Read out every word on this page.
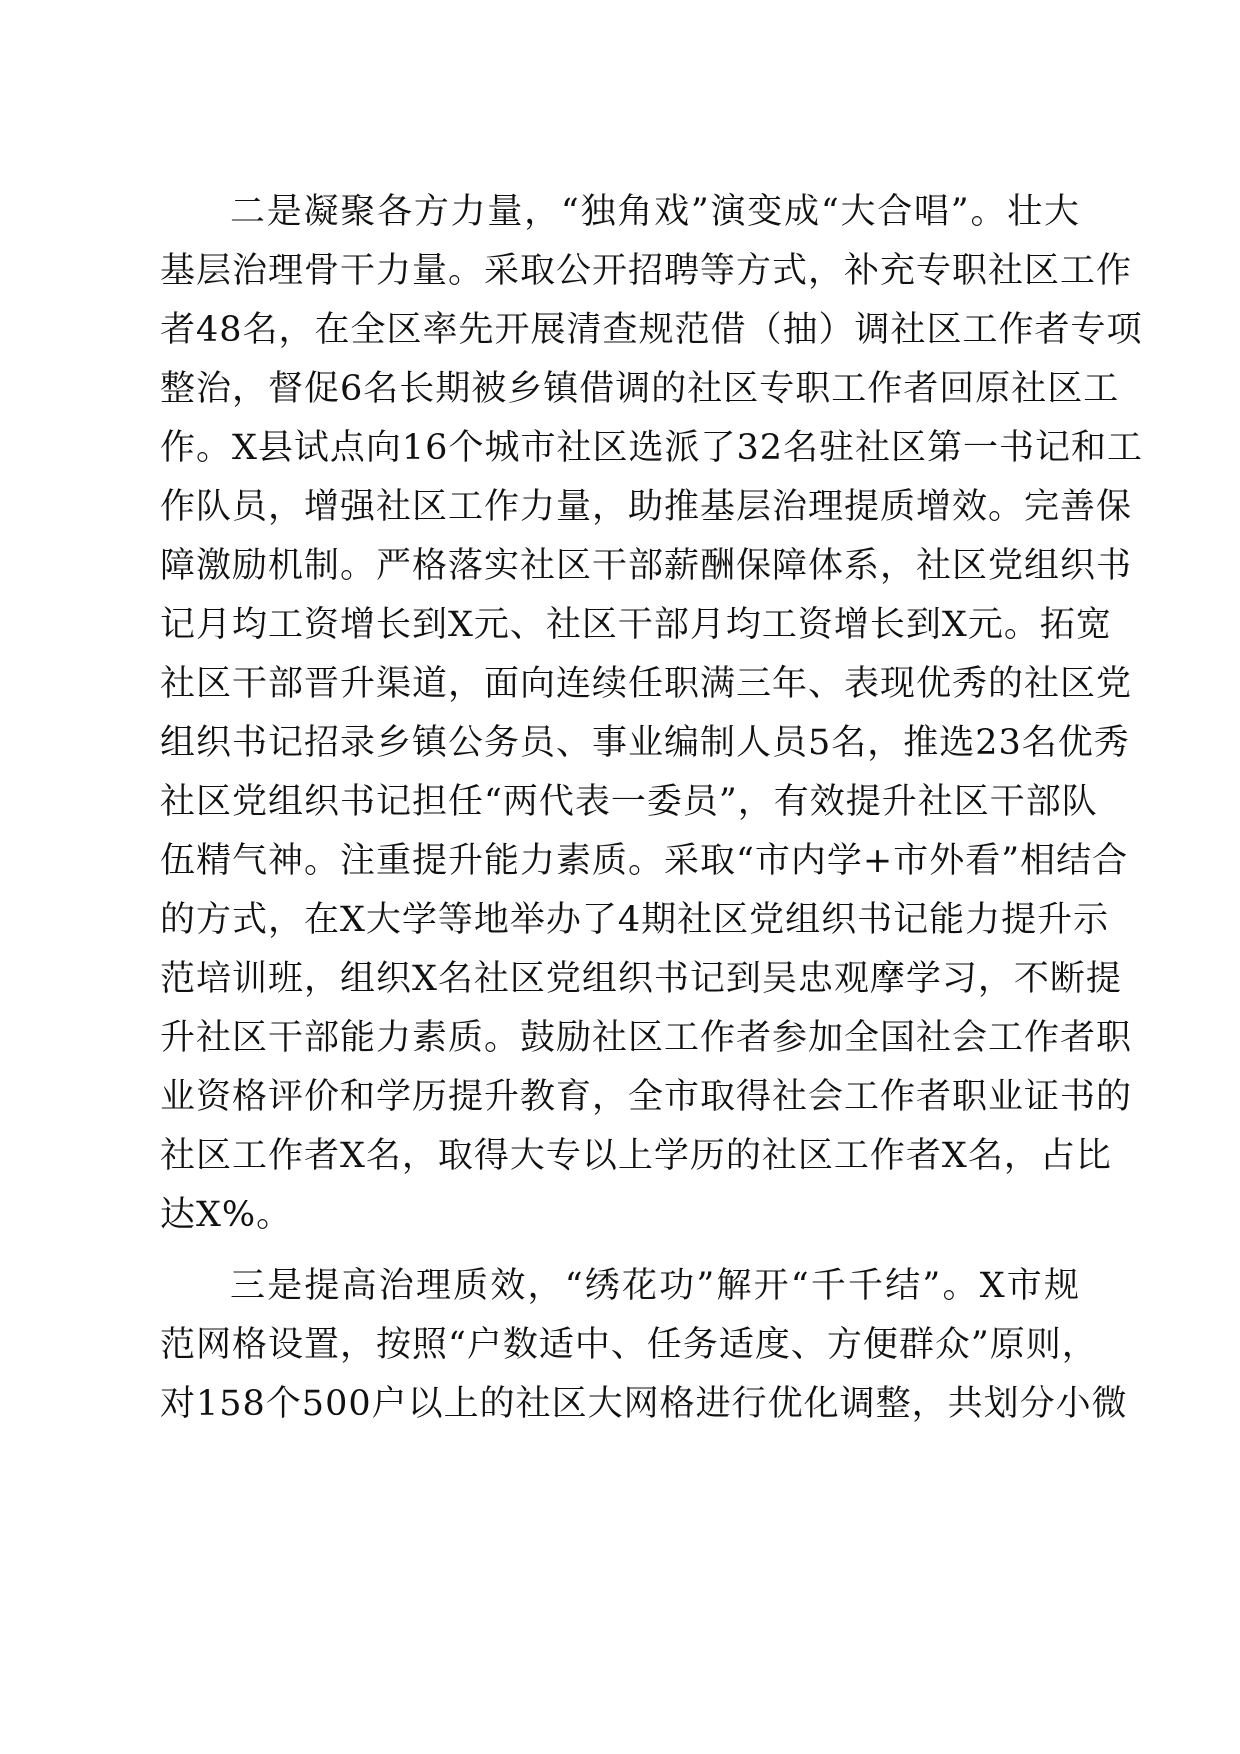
二是凝聚各方力量，“独角戏”演变成“大合唱”。壮大
基层治理骨干力量。采取公开招聘等方式，补充专职社区工作
者48名，在全区率先开展清查规范借（抽）调社区工作者专项
整治，督促6名长期被乡镇借调的社区专职工作者回原社区工
作。X县试点向16个城市社区选派了32名驻社区第一书记和工
作队员，增强社区工作力量，助推基层治理提质增效。完善保
障激励机制。严格落实社区干部薪酬保障体系，社区党组织书
记月均工资增长到X元、社区干部月均工资增长到X元。拓宽
社区干部晋升渠道，面向连续任职满三年、表现优秀的社区党
组织书记招录乡镇公务员、事业编制人员5名，推选23名优秀
社区党组织书记担任“两代表一委员”，有效提升社区干部队
伍精气神。注重提升能力素质。采取“市内学+市外看”相结合
的方式，在X大学等地举办了4期社区党组织书记能力提升示
范培训班，组织X名社区党组织书记到吴忠观摩学习，不断提
升社区干部能力素质。鼓励社区工作者参加全国社会工作者职
业资格评价和学历提升教育，全市取得社会工作者职业证书的
社区工作者X名，取得大专以上学历的社区工作者X名，占比
达X%。
三是提高治理质效，“绣花功”解开“千千结”。X市规
范网格设置，按照“户数适中、任务适度、方便群众”原则，
对158个500户以上的社区大网格进行优化调整，共划分小微
